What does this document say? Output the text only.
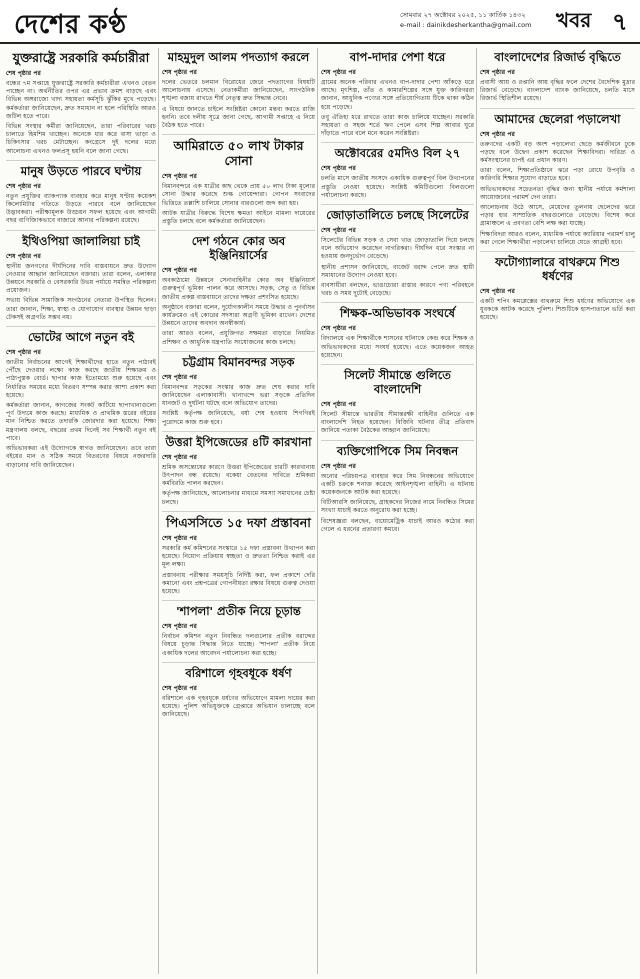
দেশের কণ্ঠ	সোমবার ২৭ অক্টোবর ২০২৫, ১১ কার্তিক ১৪৩২
e-mail : dainikdesherkantha@gmail.com	খবর ৭
যুক্তরাষ্ট্রে সরকারি কর্মচারীরা
শেষ পৃষ্ঠার পর

বন্ধের ৭ম সপ্তাহে যুক্তরাষ্ট্রে সরকারি কর্মচারীরা এখনও বেতন পাচ্ছেন না। অর্থনীতির ওপর এর প্রভাব ক্রমশ বাড়ছে এবং বিভিন্ন অঙ্গরাজ্যে খাদ্য সহায়তা কর্মসূচি ঝুঁকির মুখে পড়েছে। কর্মকর্তারা জানিয়েছেন, দ্রুত সমাধান না হলে পরিস্থিতি আরও জটিল হতে পারে।

বিভিন্ন সংস্থার কর্মীরা জানিয়েছেন, তারা পরিবারের খরচ চালাতে হিমশিম খাচ্ছেন। অনেকে ধার করে বাসা ভাড়া ও চিকিৎসার খরচ মেটাচ্ছেন। কংগ্রেসে দুই দলের মধ্যে আলোচনা এখনও ফলপ্রসূ হয়নি বলে জানা গেছে।

মানুষ উড়তে পারবে ঘণ্টায়
শেষ পৃষ্ঠার পর

নতুন প্রযুক্তির ব্যাকপ্যাক ব্যবহার করে মানুষ ঘণ্টায় কয়েকশ কিলোমিটার গতিতে উড়তে পারবে বলে জানিয়েছেন উদ্ভাবকরা। পরীক্ষামূলক উড্ডয়ন সফল হয়েছে এবং আগামী বছর বাণিজ্যিকভাবে বাজারে আনার পরিকল্পনা রয়েছে।

ইথিওপিয়া জালালিয়া চাই
শেষ পৃষ্ঠার পর

স্থানীয় জনগণের দীর্ঘদিনের দাবি বাস্তবায়নে দ্রুত উদ্যোগ নেওয়ার আহ্বান জানিয়েছেন বক্তারা। তারা বলেন, এলাকার উন্নয়নে সরকারি ও বেসরকারি উভয় পর্যায়ে সমন্বিত পরিকল্পনা প্রয়োজন।

সভায় বিভিন্ন সামাজিক সংগঠনের নেতারা উপস্থিত ছিলেন। তারা জানান, শিক্ষা, স্বাস্থ্য ও যোগাযোগ ব্যবস্থার উন্নয়ন ছাড়া টেকসই অগ্রগতি সম্ভব নয়।

ভোটের আগে নতুন বই
শেষ পৃষ্ঠার পর

জাতীয় নির্বাচনের আগেই শিক্ষার্থীদের হাতে নতুন পাঠ্যবই পৌঁছে দেওয়ার লক্ষ্যে কাজ করছে জাতীয় শিক্ষাক্রম ও পাঠ্যপুস্তক বোর্ড। ছাপার কাজ ইতোমধ্যে শুরু হয়েছে এবং নির্ধারিত সময়ের মধ্যে বিতরণ সম্পন্ন করার আশা প্রকাশ করা হয়েছে।

কর্মকর্তারা জানান, কাগজের সংকট কাটিয়ে ছাপাখানাগুলো পূর্ণ উদ্যমে কাজ করছে। মাধ্যমিক ও প্রাথমিক স্তরের বইয়ের মান নিশ্চিত করতে তদারকি জোরদার করা হয়েছে। শিক্ষা মন্ত্রণালয় বলছে, বছরের প্রথম দিনেই সব শিক্ষার্থী নতুন বই পাবে।

অভিভাবকরা এই উদ্যোগকে স্বাগত জানিয়েছেন। তবে তারা বইয়ের মান ও সঠিক সময়ে বিতরণের বিষয়ে নজরদারি বাড়ানোর দাবি জানিয়েছেন।

মাহমুদুল আলম পদত্যাগ করলে
শেষ পৃষ্ঠার পর

দলের ভেতরে চলমান বিরোধের জেরে পদত্যাগের বিষয়টি আলোচনায় এসেছে। নেতাকর্মীরা জানিয়েছেন, সাংগঠনিক শৃঙ্খলা বজায় রাখতে শীর্ষ নেতৃত্ব দ্রুত সিদ্ধান্ত নেবে।

এ বিষয়ে জানতে চাইলে সংশ্লিষ্টরা কোনো মন্তব্য করতে রাজি হননি। তবে দলীয় সূত্রে জানা গেছে, আগামী সপ্তাহে এ নিয়ে বৈঠক হতে পারে।

আমিরাতে ৫০ লাখ টাকার সোনা
শেষ পৃষ্ঠার পর

বিমানবন্দরে এক যাত্রীর কাছ থেকে প্রায় ৫০ লাখ টাকা মূল্যের সোনা উদ্ধার করেছে শুল্ক গোয়েন্দারা। গোপন সংবাদের ভিত্তিতে তল্লাশি চালিয়ে সোনার বারগুলো জব্দ করা হয়।

আটক যাত্রীর বিরুদ্ধে বিশেষ ক্ষমতা আইনে মামলা দায়েরের প্রস্তুতি চলছে বলে কর্মকর্তারা জানিয়েছেন।

দেশ গঠনে কোর অব ইঞ্জিনিয়ার্সের
শেষ পৃষ্ঠার পর

অবকাঠামো উন্নয়নে সেনাবাহিনীর কোর অব ইঞ্জিনিয়ার্স গুরুত্বপূর্ণ ভূমিকা পালন করে আসছে। সড়ক, সেতু ও বিভিন্ন জাতীয় প্রকল্প বাস্তবায়নে তাদের দক্ষতা প্রশংসিত হয়েছে।

অনুষ্ঠানে বক্তারা বলেন, দুর্যোগকালীন সময়ে উদ্ধার ও পুনর্বাসন কার্যক্রমেও এই কোরের সদস্যরা অগ্রণী ভূমিকা রাখেন। দেশের উন্নয়নে তাদের অবদান অনস্বীকার্য।

তারা আরও বলেন, প্রযুক্তিগত সক্ষমতা বাড়াতে নিয়মিত প্রশিক্ষণ ও আধুনিক যন্ত্রপাতি সংযোজনের কাজ চলছে।

চট্টগ্রাম বিমানবন্দর সড়ক
শেষ পৃষ্ঠার পর

বিমানবন্দর সড়কের সংস্কার কাজ দ্রুত শেষ করার দাবি জানিয়েছেন এলাকাবাসী। খানাখন্দে ভরা সড়কে প্রতিদিন যানজট ও দুর্ঘটনা ঘটছে বলে অভিযোগ তাদের।

সংশ্লিষ্ট কর্তৃপক্ষ জানিয়েছে, বর্ষা শেষ হওয়ায় শিগগিরই পুরোদমে কাজ শুরু হবে।

উত্তরা ইপিজেডের ৪টি কারখানা
শেষ পৃষ্ঠার পর

শ্রমিক অসন্তোষের কারণে উত্তরা ইপিজেডের চারটি কারখানায় উৎপাদন বন্ধ রয়েছে। বকেয়া বেতনের দাবিতে শ্রমিকরা কর্মবিরতি পালন করছেন।

কর্তৃপক্ষ জানিয়েছে, আলোচনার মাধ্যমে সমস্যা সমাধানের চেষ্টা চলছে।

পিএসসিতে ১৫ দফা প্রস্তাবনা
শেষ পৃষ্ঠার পর

সরকারি কর্ম কমিশনের সংস্কারে ১৫ দফা প্রস্তাবনা উত্থাপন করা হয়েছে। নিয়োগ প্রক্রিয়ায় স্বচ্ছতা ও দ্রুততা নিশ্চিত করাই এর মূল লক্ষ্য।

প্রস্তাবনায় পরীক্ষার সময়সূচি নির্দিষ্ট করা, ফল প্রকাশে দেরি কমানো এবং প্রশ্নপত্রের গোপনীয়তা রক্ষার বিষয়ে গুরুত্ব দেওয়া হয়েছে।

'শাপলা' প্রতীক নিয়ে চূড়ান্ত
শেষ পৃষ্ঠার পর

নির্বাচন কমিশন নতুন নিবন্ধিত দলগুলোর প্রতীক বরাদ্দের বিষয়ে চূড়ান্ত সিদ্ধান্ত নিতে যাচ্ছে। 'শাপলা' প্রতীক নিয়ে একাধিক দলের আবেদন পর্যালোচনা করা হচ্ছে।

বরিশালে গৃহবধূকে ধর্ষণ
শেষ পৃষ্ঠার পর

বরিশালে এক গৃহবধূকে ধর্ষণের অভিযোগে মামলা দায়ের করা হয়েছে। পুলিশ অভিযুক্তকে গ্রেপ্তারে অভিযান চালাচ্ছে বলে জানিয়েছে।

বাপ-দাদার পেশা ধরে
শেষ পৃষ্ঠার পর

গ্রামের অনেক পরিবার এখনও বাপ-দাদার পেশা আঁকড়ে ধরে আছে। মৃৎশিল্প, তাঁত ও কামারশিল্পের সঙ্গে যুক্ত কারিগররা জানান, আধুনিক পণ্যের সঙ্গে প্রতিযোগিতায় টিকে থাকা কঠিন হয়ে পড়েছে।

তবু ঐতিহ্য ধরে রাখতে তারা কাজ চালিয়ে যাচ্ছেন। সরকারি সহায়তা ও সহজ শর্তে ঋণ পেলে এসব শিল্প আবার ঘুরে দাঁড়াতে পারে বলে মনে করেন সংশ্লিষ্টরা।

অক্টোবরের ৫মদিও বিল ২৭
শেষ পৃষ্ঠার পর

চলতি মাসে জাতীয় সংসদে একাধিক গুরুত্বপূর্ণ বিল উত্থাপনের প্রস্তুতি নেওয়া হয়েছে। সংশ্লিষ্ট কমিটিগুলো বিলগুলো পর্যালোচনা করছে।

জোড়াতালিতে চলছে সিলেটের
শেষ পৃষ্ঠার পর

সিলেটের বিভিন্ন সড়ক ও সেবা খাত জোড়াতালি দিয়ে চলছে বলে অভিযোগ করেছেন নাগরিকরা। দীর্ঘদিন ধরে সংস্কার না হওয়ায় জনদুর্ভোগ বেড়েছে।

স্থানীয় প্রশাসন জানিয়েছে, বাজেট বরাদ্দ পেলে দ্রুত স্থায়ী সমাধানের উদ্যোগ নেওয়া হবে।

ব্যবসায়ীরা বলছেন, ভাঙাচোরা রাস্তার কারণে পণ্য পরিবহনে খরচ ও সময় দুটোই বেড়েছে।

শিক্ষক-অভিভাবক সংঘর্ষে
শেষ পৃষ্ঠার পর

বিদ্যালয়ে এক শিক্ষার্থীকে শাসনের ঘটনাকে কেন্দ্র করে শিক্ষক ও অভিভাবকদের মধ্যে সংঘর্ষ হয়েছে। এতে কয়েকজন আহত হয়েছেন।

সিলেট সীমান্তে গুলিতে বাংলাদেশি
শেষ পৃষ্ঠার পর

সিলেট সীমান্তে ভারতীয় সীমান্তরক্ষী বাহিনীর গুলিতে এক বাংলাদেশি নিহত হয়েছেন। বিজিবি ঘটনার তীব্র প্রতিবাদ জানিয়ে পতাকা বৈঠকের আহ্বান জানিয়েছে।

ব্যক্তিগোপিকে সিম নিবন্ধন
শেষ পৃষ্ঠার পর

অন্যের পরিচয়পত্র ব্যবহার করে সিম নিবন্ধনের অভিযোগে একটি চক্রকে শনাক্ত করেছে আইনশৃঙ্খলা বাহিনী। এ ঘটনায় কয়েকজনকে আটক করা হয়েছে।

বিটিআরসি জানিয়েছে, গ্রাহকদের নিজের নামে নিবন্ধিত সিমের সংখ্যা যাচাই করতে অনুরোধ করা হচ্ছে।

বিশেষজ্ঞরা বলছেন, বায়োমেট্রিক যাচাই আরও কঠোর করা গেলে এ ধরনের প্রতারণা কমবে।

বাংলাদেশের রিজার্ভ বৃদ্ধিতে
শেষ পৃষ্ঠার পর

প্রবাসী আয় ও রপ্তানি আয় বৃদ্ধির ফলে দেশের বৈদেশিক মুদ্রার রিজার্ভ বেড়েছে। বাংলাদেশ ব্যাংক জানিয়েছে, চলতি মাসে রিজার্ভ স্থিতিশীল রয়েছে।

আমাদের ছেলেরা পড়ালেখা
শেষ পৃষ্ঠার পর

তরুণদের একটি বড় অংশ পড়ালেখা ছেড়ে কর্মজীবনে ঢুকে পড়ছে বলে উদ্বেগ প্রকাশ করেছেন শিক্ষাবিদরা। দারিদ্র্য ও কর্মসংস্থানের চাপই এর প্রধান কারণ।

তারা বলেন, শিক্ষাপ্রতিষ্ঠানে ঝরে পড়া রোধে উপবৃত্তি ও কারিগরি শিক্ষার সুযোগ বাড়াতে হবে।

অভিভাবকদের সচেতনতা বৃদ্ধির জন্য স্থানীয় পর্যায়ে কর্মশালা আয়োজনের পরামর্শ দেন তারা।

আলোচনায় উঠে আসে, মেয়েদের তুলনায় ছেলেদের ঝরে পড়ার হার সাম্প্রতিক বছরগুলোতে বেড়েছে। বিশেষ করে গ্রামাঞ্চলে এ প্রবণতা বেশি লক্ষ করা যাচ্ছে।

শিক্ষাবিদরা আরও বলেন, মাধ্যমিক পর্যায়ে ক্যারিয়ার পরামর্শ চালু করা গেলে শিক্ষার্থীরা পড়ালেখা চালিয়ে যেতে আগ্রহী হবে।

ফটোগ্যালারে বাথরুমে শিশু ধর্ষণের
শেষ পৃষ্ঠার পর

একটি শপিং কমপ্লেক্সের বাথরুমে শিশু ধর্ষণের অভিযোগে এক যুবককে আটক করেছে পুলিশ। শিশুটিকে হাসপাতালে ভর্তি করা হয়েছে।
